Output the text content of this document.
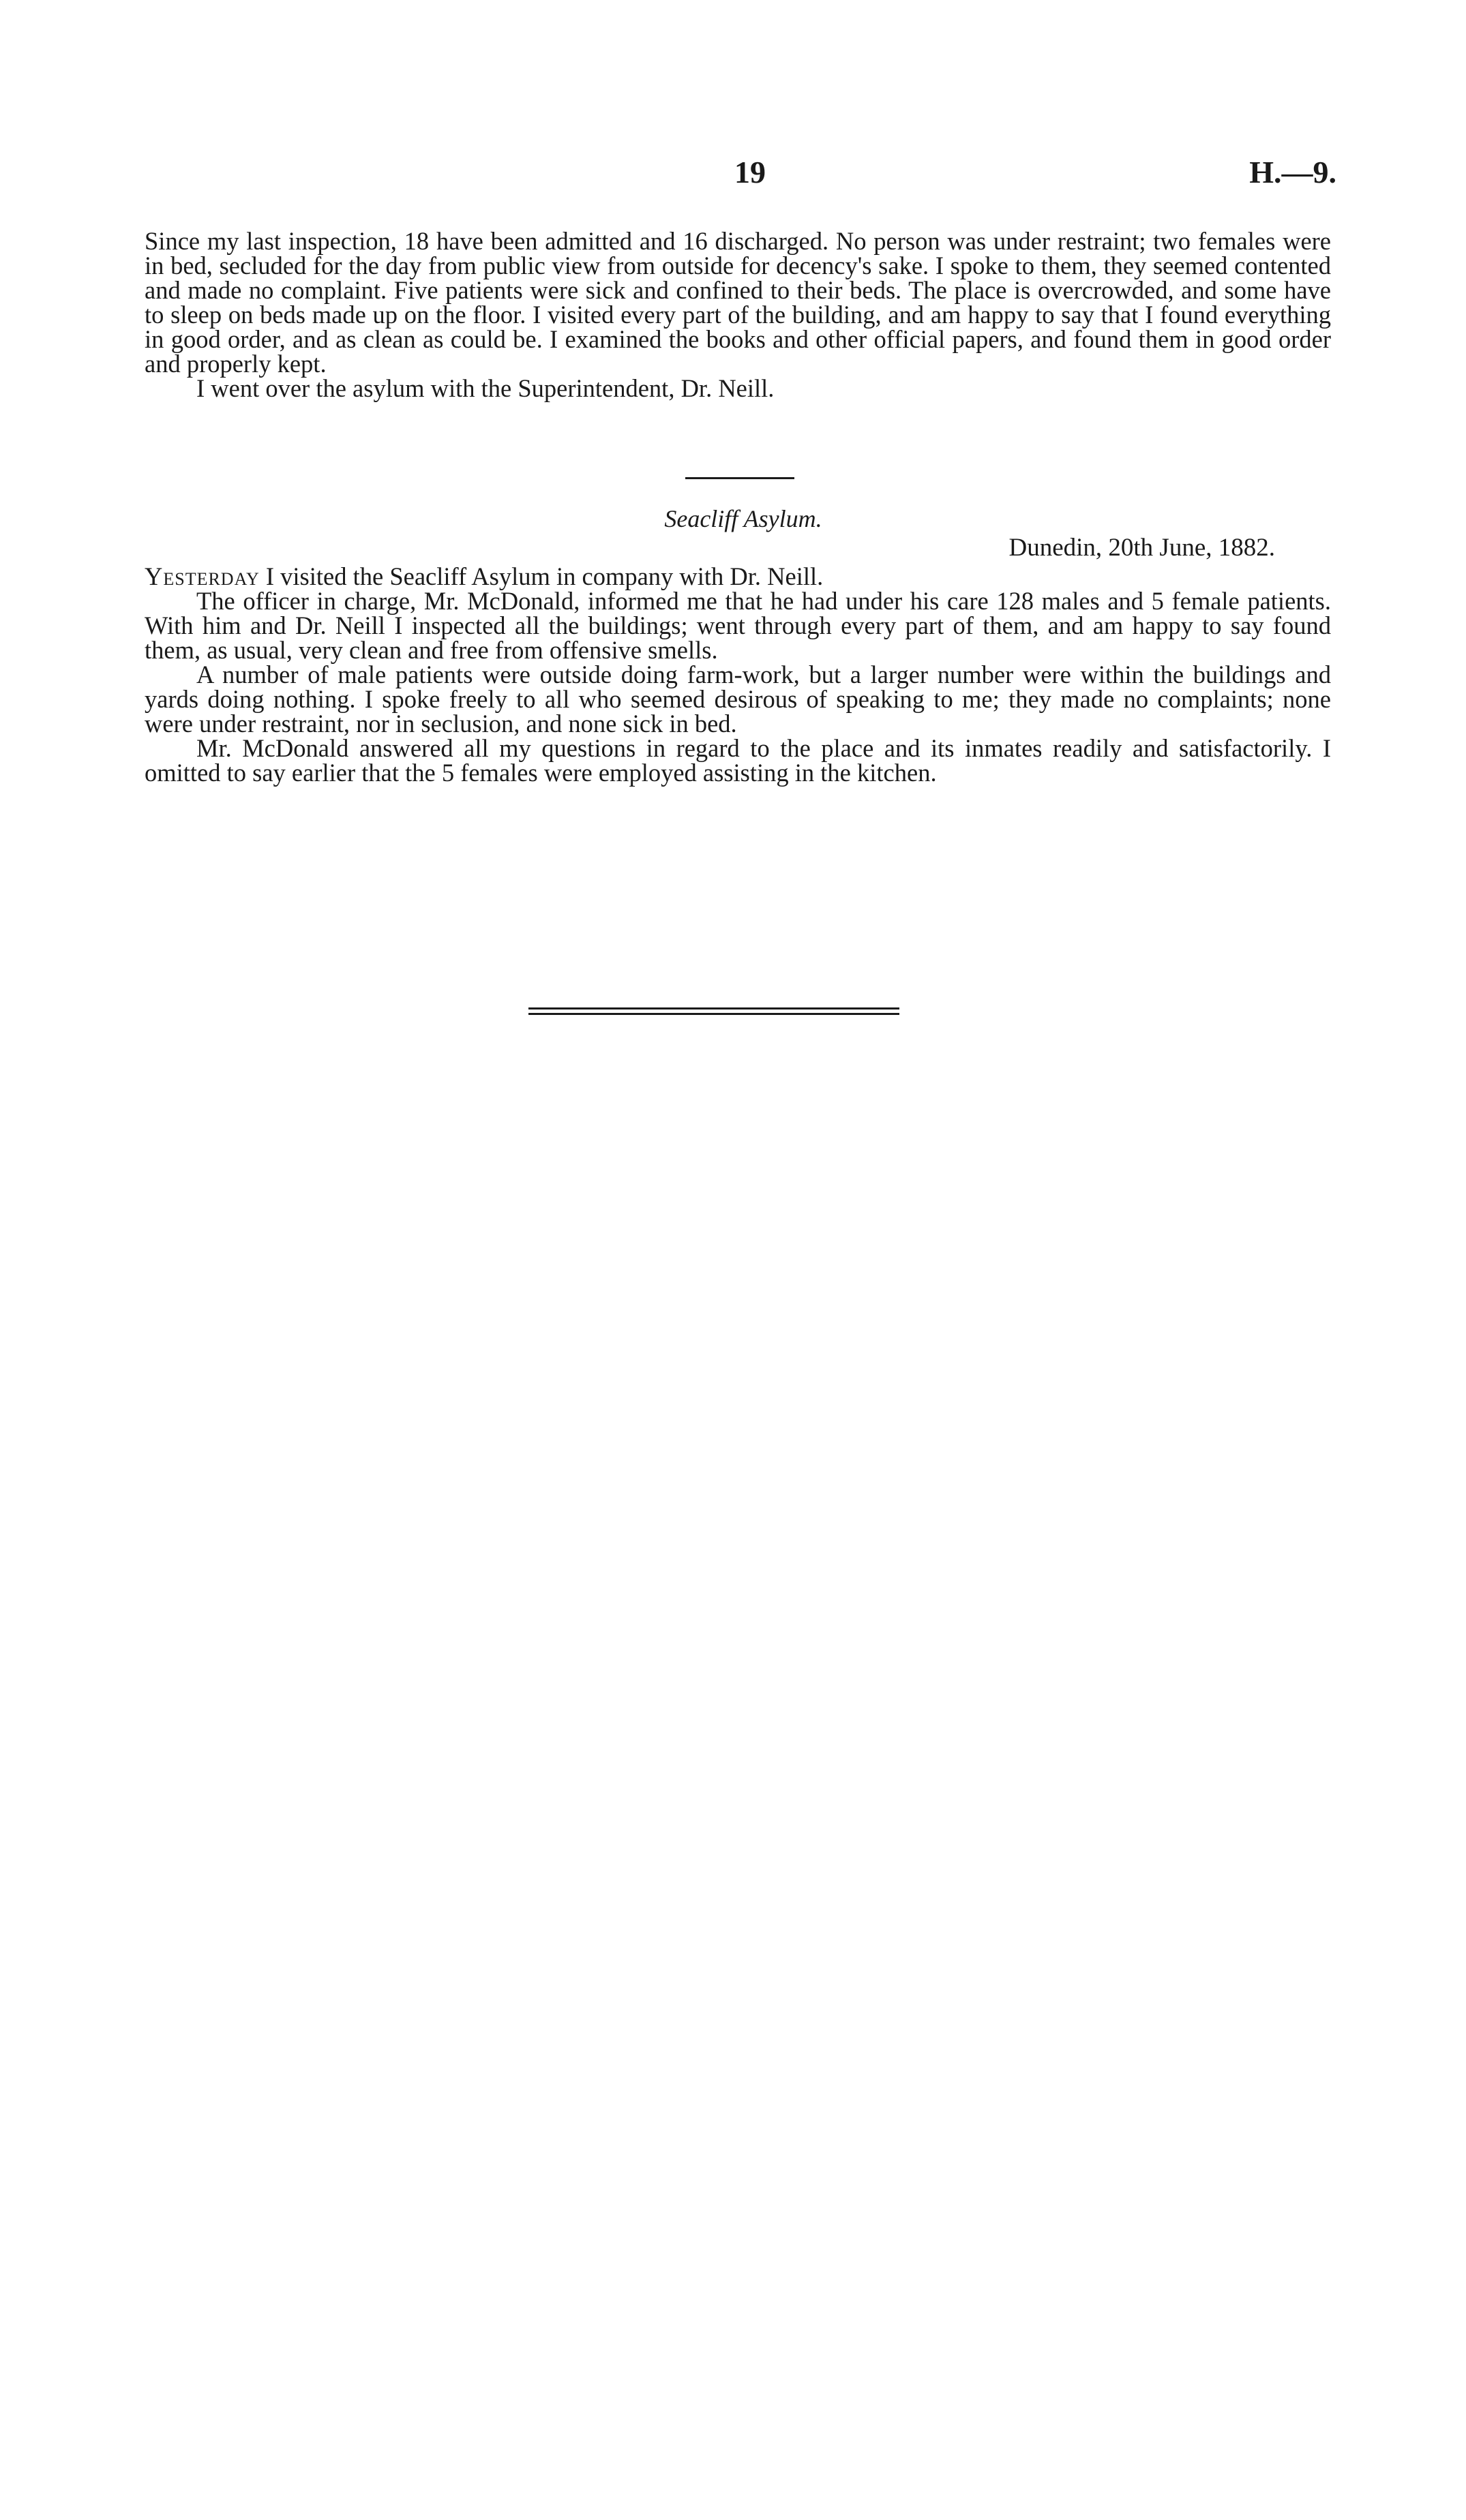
19	H.—9.

Since my last inspection, 18 have been admitted and 16 discharged. No person was under restraint; two females were in bed, secluded for the day from public view from outside for decency's sake. I spoke to them, they seemed contented and made no complaint. Five patients were sick and confined to their beds. The place is overcrowded, and some have to sleep on beds made up on the floor. I visited every part of the building, and am happy to say that I found everything in good order, and as clean as could be. I examined the books and other official papers, and found them in good order and properly kept.

I went over the asylum with the Superintendent, Dr. Neill.

Seacliff Asylum.
Dunedin, 20th June, 1882.

Yesterday I visited the Seacliff Asylum in company with Dr. Neill.

The officer in charge, Mr. McDonald, informed me that he had under his care 128 males and 5 female patients. With him and Dr. Neill I inspected all the buildings; went through every part of them, and am happy to say found them, as usual, very clean and free from offensive smells.

A number of male patients were outside doing farm-work, but a larger number were within the buildings and yards doing nothing. I spoke freely to all who seemed desirous of speaking to me; they made no complaints; none were under restraint, nor in seclusion, and none sick in bed.

Mr. McDonald answered all my questions in regard to the place and its inmates readily and satisfactorily. I omitted to say earlier that the 5 females were employed assisting in the kitchen.
